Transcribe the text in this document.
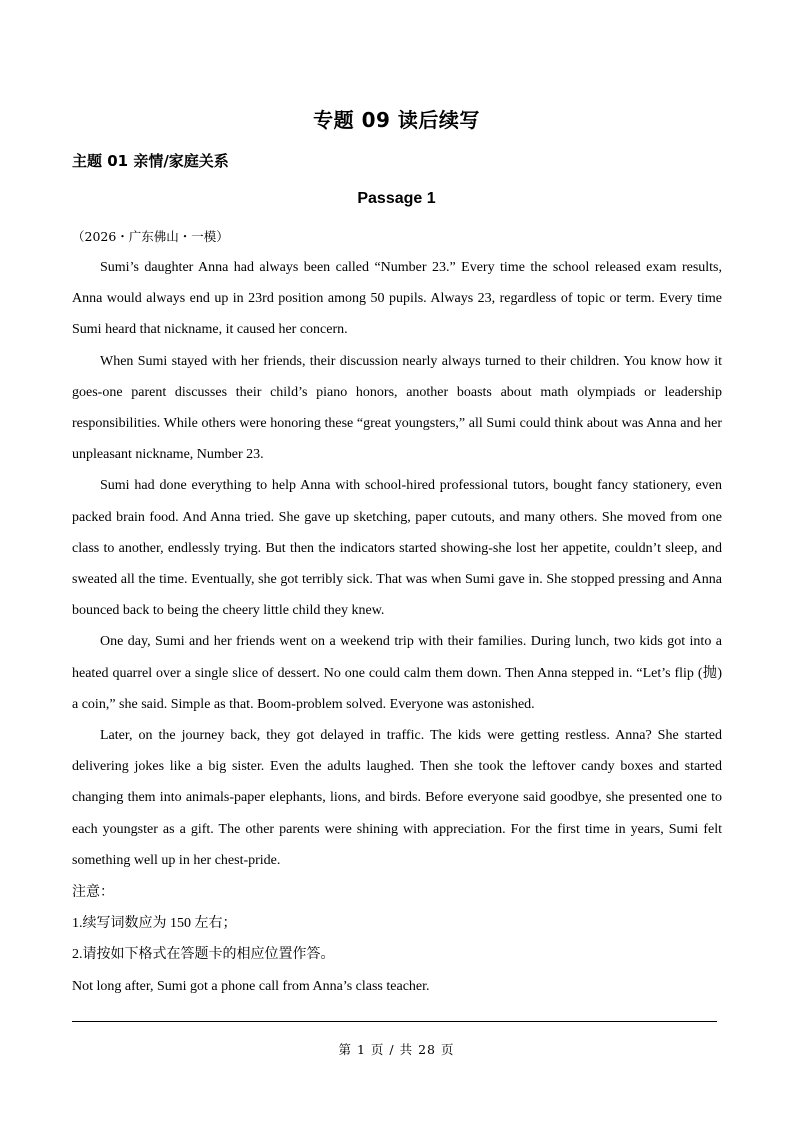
专题 09 读后续写
主题 01 亲情/家庭关系
Passage 1
（2026・广东佛山・一模）

Sumi’s daughter Anna had always been called “Number 23.” Every time the school released exam results, Anna would always end up in 23rd position among 50 pupils. Always 23, regardless of topic or term. Every time Sumi heard that nickname, it caused her concern.

When Sumi stayed with her friends, their discussion nearly always turned to their children. You know how it goes-one parent discusses their child’s piano honors, another boasts about math olympiads or leadership responsibilities. While others were honoring these “great youngsters,” all Sumi could think about was Anna and her unpleasant nickname, Number 23.

Sumi had done everything to help Anna with school-hired professional tutors, bought fancy stationery, even packed brain food. And Anna tried. She gave up sketching, paper cutouts, and many others. She moved from one class to another, endlessly trying. But then the indicators started showing-she lost her appetite, couldn’t sleep, and sweated all the time. Eventually, she got terribly sick. That was when Sumi gave in. She stopped pressing and Anna bounced back to being the cheery little child they knew.

One day, Sumi and her friends went on a weekend trip with their families. During lunch, two kids got into a heated quarrel over a single slice of dessert. No one could calm them down. Then Anna stepped in. “Let’s flip (抛) a coin,” she said. Simple as that. Boom-problem solved. Everyone was astonished.

Later, on the journey back, they got delayed in traffic. The kids were getting restless. Anna? She started delivering jokes like a big sister. Even the adults laughed. Then she took the leftover candy boxes and started changing them into animals-paper elephants, lions, and birds. Before everyone said goodbye, she presented one to each youngster as a gift. The other parents were shining with appreciation. For the first time in years, Sumi felt something well up in her chest-pride.

注意：

1.续写词数应为 150 左右；

2.请按如下格式在答题卡的相应位置作答。

Not long after, Sumi got a phone call from Anna’s class teacher.

第 1 页 / 共 28 页
